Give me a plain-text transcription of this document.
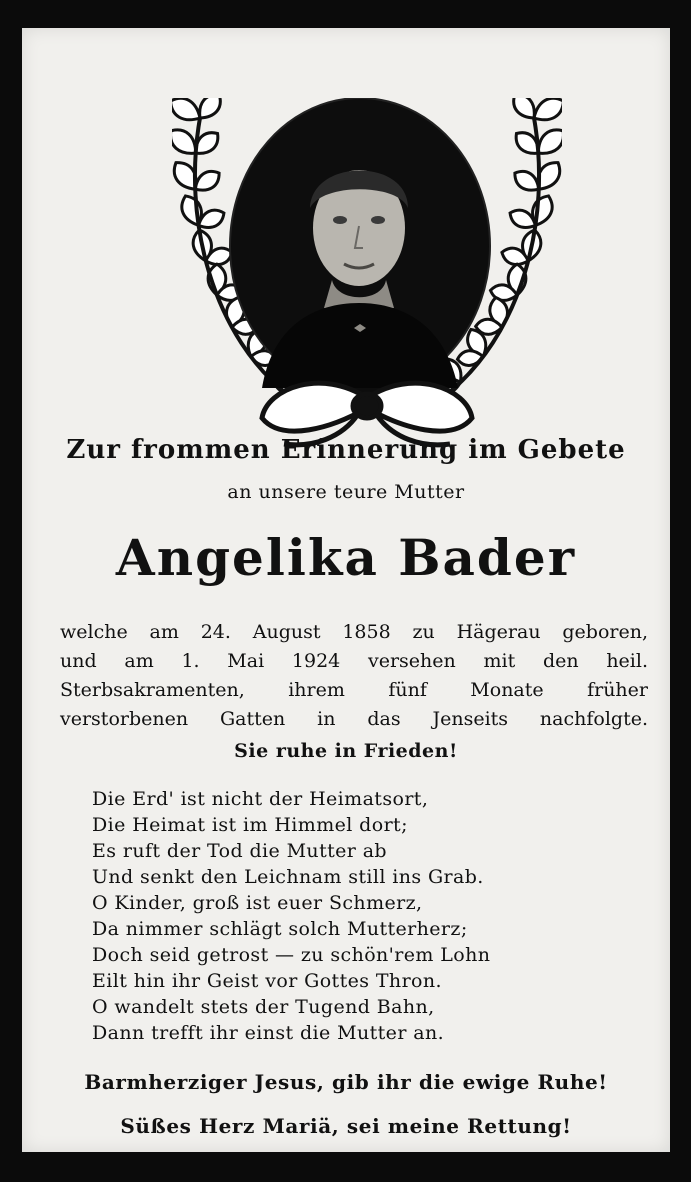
Zur frommen Erinnerung im Gebete

an unsere teure Mutter

Angelika Bader

welche am 24. August 1858 zu Hägerau geboren,
und am 1. Mai 1924 versehen mit den heil.
Sterbsakramenten, ihrem fünf Monate früher
verstorbenen Gatten in das Jenseits nachfolgte.

Sie ruhe in Frieden!

Die Erd' ist nicht der Heimatsort,
Die Heimat ist im Himmel dort;
Es ruft der Tod die Mutter ab
Und senkt den Leichnam still ins Grab.
O Kinder, groß ist euer Schmerz,
Da nimmer schlägt solch Mutterherz;
Doch seid getrost — zu schön'rem Lohn
Eilt hin ihr Geist vor Gottes Thron.
O wandelt stets der Tugend Bahn,
Dann trefft ihr einst die Mutter an.

Barmherziger Jesus, gib ihr die ewige Ruhe!

Süßes Herz Mariä, sei meine Rettung!
